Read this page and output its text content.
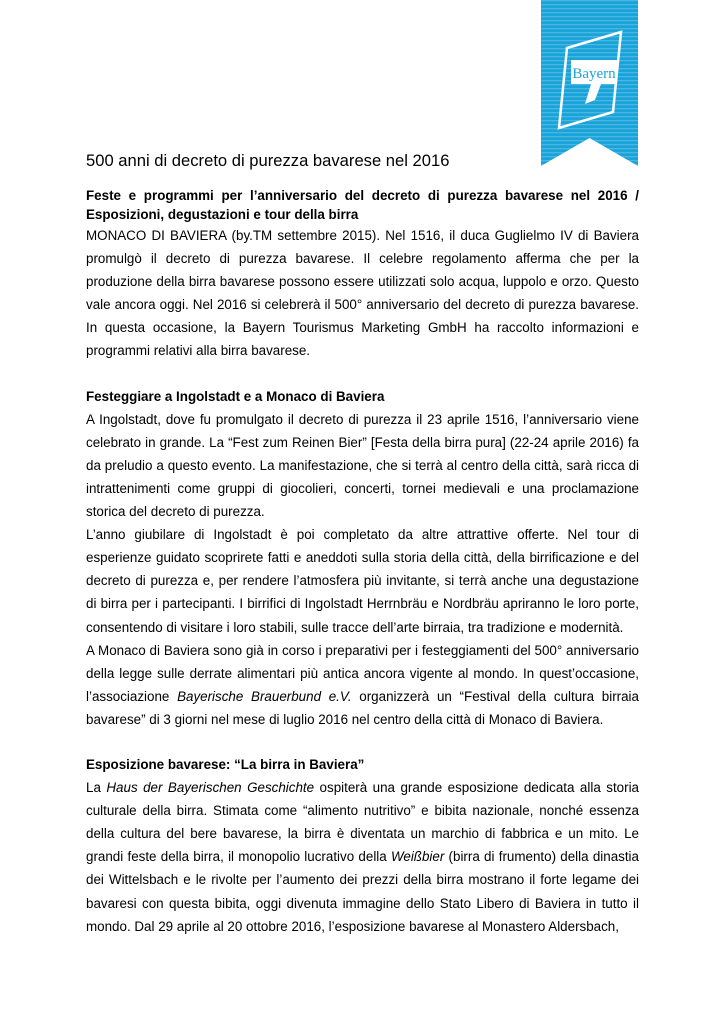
Bayern ®
500 anni di decreto di purezza bavarese nel 2016
Feste e programmi per l’anniversario del decreto di purezza bavarese nel 2016 / Esposizioni, degustazioni e tour della birra

MONACO DI BAVIERA (by.TM settembre 2015). Nel 1516, il duca Guglielmo IV di Baviera promulgò il decreto di purezza bavarese. Il celebre regolamento afferma che per la produzione della birra bavarese possono essere utilizzati solo acqua, luppolo e orzo. Questo vale ancora oggi. Nel 2016 si celebrerà il 500° anniversario del decreto di purezza bavarese. In questa occasione, la Bayern Tourismus Marketing GmbH ha raccolto informazioni e programmi relativi alla birra bavarese.

Festeggiare a Ingolstadt e a Monaco di Baviera

A Ingolstadt, dove fu promulgato il decreto di purezza il 23 aprile 1516, l’anniversario viene celebrato in grande. La “Fest zum Reinen Bier” [Festa della birra pura] (22-24 aprile 2016) fa da preludio a questo evento. La manifestazione, che si terrà al centro della città, sarà ricca di intrattenimenti come gruppi di giocolieri, concerti, tornei medievali e una proclamazione storica del decreto di purezza.

L’anno giubilare di Ingolstadt è poi completato da altre attrattive offerte. Nel tour di esperienze guidato scoprirete fatti e aneddoti sulla storia della città, della birrificazione e del decreto di purezza e, per rendere l’atmosfera più invitante, si terrà anche una degustazione di birra per i partecipanti. I birrifici di Ingolstadt Herrnbräu e Nordbräu apriranno le loro porte, consentendo di visitare i loro stabili, sulle tracce dell’arte birraia, tra tradizione e modernità.

A Monaco di Baviera sono già in corso i preparativi per i festeggiamenti del 500° anniversario della legge sulle derrate alimentari più antica ancora vigente al mondo. In quest’occasione, l’associazione Bayerische Brauerbund e.V. organizzerà un “Festival della cultura birraia bavarese” di 3 giorni nel mese di luglio 2016 nel centro della città di Monaco di Baviera.

Esposizione bavarese: “La birra in Baviera”

La Haus der Bayerischen Geschichte ospiterà una grande esposizione dedicata alla storia culturale della birra. Stimata come “alimento nutritivo” e bibita nazionale, nonché essenza della cultura del bere bavarese, la birra è diventata un marchio di fabbrica e un mito. Le grandi feste della birra, il monopolio lucrativo della Weißbier (birra di frumento) della dinastia dei Wittelsbach e le rivolte per l’aumento dei prezzi della birra mostrano il forte legame dei bavaresi con questa bibita, oggi divenuta immagine dello Stato Libero di Baviera in tutto il mondo. Dal 29 aprile al 20 ottobre 2016, l’esposizione bavarese al Monastero Aldersbach,
